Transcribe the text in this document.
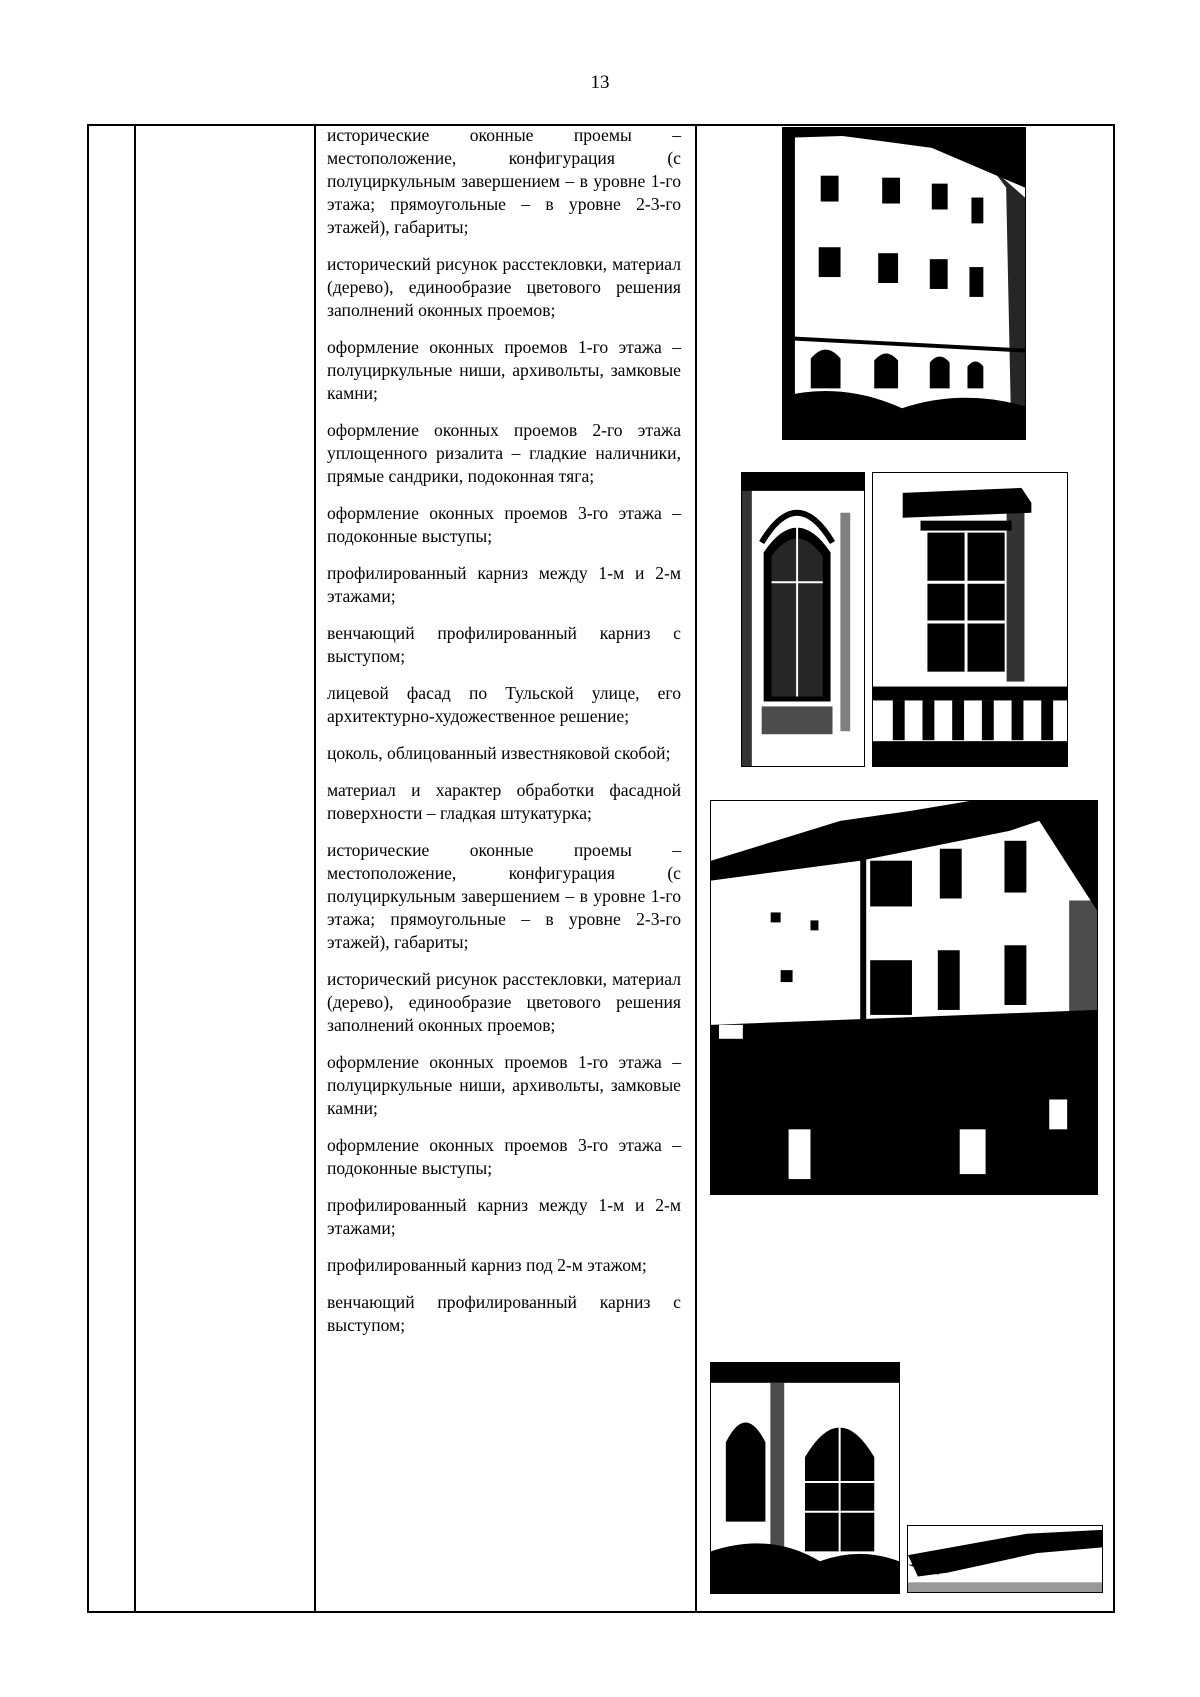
13

исторические оконные проемы – местоположение, конфигурация (с полуциркульным завершением – в уровне 1-го этажа; прямоугольные – в уровне 2-3-го этажей), габариты;

исторический рисунок расстекловки, материал (дерево), единообразие цветового решения заполнений оконных проемов;

оформление оконных проемов 1-го этажа – полуциркульные ниши, архивольты, замковые камни;

оформление оконных проемов 2-го этажа уплощенного ризалита – гладкие наличники, прямые сандрики, подоконная тяга;

оформление оконных проемов 3-го этажа – подоконные выступы;

профилированный карниз между 1-м и 2-м этажами;

венчающий профилированный карниз с выступом;

лицевой фасад по Тульской улице, его архитектурно-художественное решение;

цоколь, облицованный известняковой скобой;

материал и характер обработки фасадной поверхности – гладкая штукатурка;

исторические оконные проемы – местоположение, конфигурация (с полуциркульным завершением – в уровне 1-го этажа; прямоугольные – в уровне 2-3-го этажей), габариты;

исторический рисунок расстекловки, материал (дерево), единообразие цветового решения заполнений оконных проемов;

оформление оконных проемов 1-го этажа – полуциркульные ниши, архивольты, замковые камни;

оформление оконных проемов 3-го этажа – подоконные выступы;

профилированный карниз между 1-м и 2-м этажами;

профилированный карниз под 2-м этажом;

венчающий профилированный карниз с выступом;
